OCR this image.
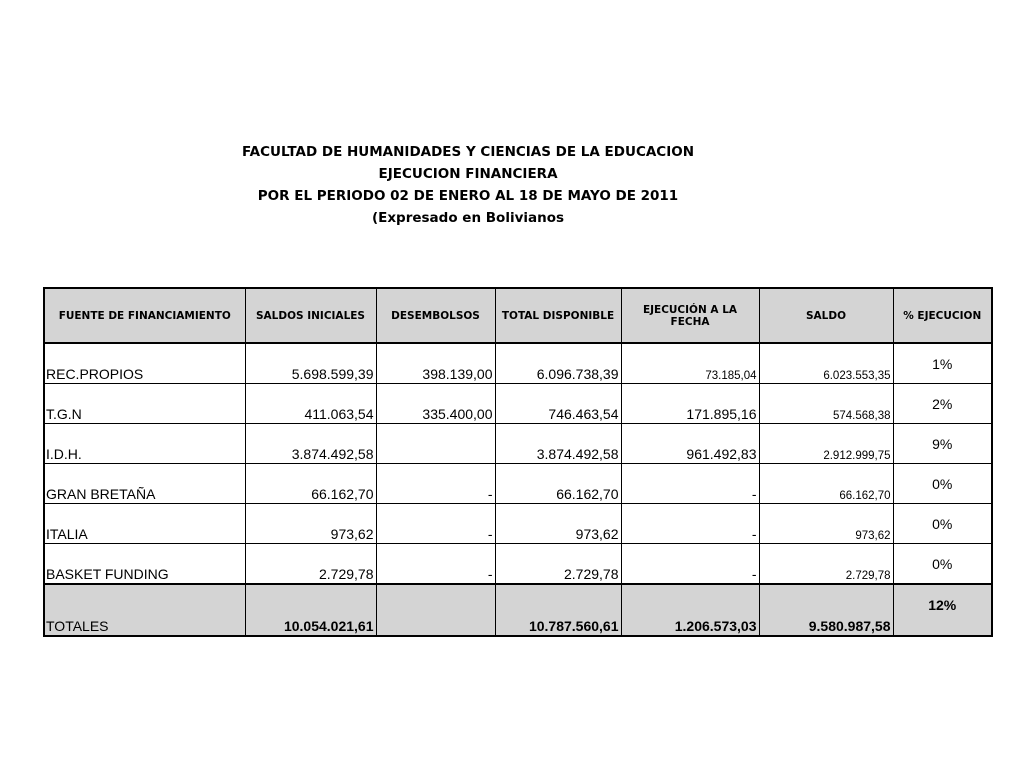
FACULTAD DE HUMANIDADES Y CIENCIAS DE LA EDUCACION
EJECUCION FINANCIERA
POR EL PERIODO 02 DE ENERO AL 18 DE MAYO DE 2011
(Expresado en Bolivianos
FUENTE DE FINANCIAMIENTO	SALDOS INICIALES	DESEMBOLSOS	TOTAL DISPONIBLE	EJECUCIÓN A LA FECHA	SALDO	% EJECUCION
REC.PROPIOS	5.698.599,39	398.139,00	6.096.738,39	73.185,04	6.023.553,35	1%
T.G.N	411.063,54	335.400,00	746.463,54	171.895,16	574.568,38	2%
I.D.H.	3.874.492,58		3.874.492,58	961.492,83	2.912.999,75	9%
GRAN BRETAÑA	66.162,70	-	66.162,70	-	66.162,70	0%
ITALIA	973,62	-	973,62	-	973,62	0%
BASKET FUNDING	2.729,78	-	2.729,78	-	2.729,78	0%
TOTALES	10.054.021,61		10.787.560,61	1.206.573,03	9.580.987,58	12%
